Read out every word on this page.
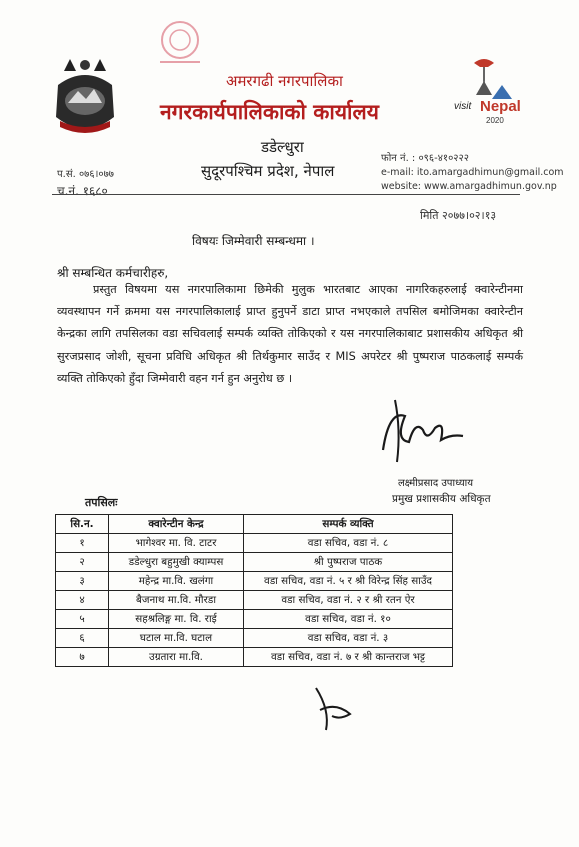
अमरगढी नगरपालिका
नगरकार्यपालिकाको कार्यालय
डडेल्धुरा
सुदूरपश्चिम प्रदेश, नेपाल
visit Nepal
2020
प.सं. ०७६।०७७
च.नं. १६८०
फोन नं. : ०९६-४१०२२२
e-mail: ito.amargadhimun@gmail.com
website: www.amargadhimun.gov.np
मिति २०७७।०२।१३
विषयः जिम्मेवारी सम्बन्धमा ।
श्री सम्बन्धित कर्मचारीहरु,
प्रस्तुत विषयमा यस नगरपालिकामा छिमेकी मुलुक भारतबाट आएका नागरिकहरुलाई क्वारेन्टीनमा व्यवस्थापन गर्ने क्रममा यस नगरपालिकालाई प्राप्त हुनुपर्ने डाटा प्राप्त नभएकाले तपसिल बमोजिमका क्वारेन्टीन केन्द्रका लागि तपसिलका वडा सचिवलाई सम्पर्क व्यक्ति तोकिएको र यस नगरपालिकाबाट प्रशासकीय अधिकृत श्री सुरजप्रसाद जोशी, सूचना प्रविधि अधिकृत श्री तिर्थकुमार साउँद र MIS अपरेटर श्री पुष्पराज पाठकलाई सम्पर्क व्यक्ति तोकिएको हुँदा जिम्मेवारी वहन गर्न हुन अनुरोध छ ।
लक्ष्मीप्रसाद उपाध्याय
प्रमुख प्रशासकीय अधिकृत
तपसिलः
सि.न.	क्वारेन्टीन केन्द्र	सम्पर्क व्यक्ति
१	भागेश्वर मा. वि. टाटर	वडा सचिव, वडा नं. ८
२	डडेल्धुरा बहुमुखी क्याम्पस	श्री पुष्पराज पाठक
३	महेन्द्र मा.वि. खलंगा	वडा सचिव, वडा नं. ५ र श्री विरेन्द्र सिंह साउँद
४	बैजनाथ मा.वि. मौरडा	वडा सचिव, वडा नं. २ र श्री रतन ऐर
५	सहश्रलिङ्ग मा. वि. राई	वडा सचिव, वडा नं. १०
६	घटाल मा.वि. घटाल	वडा सचिव, वडा नं. ३
७	उग्रतारा मा.वि.	वडा सचिव, वडा नं. ७ र श्री कान्तराज भट्ट
